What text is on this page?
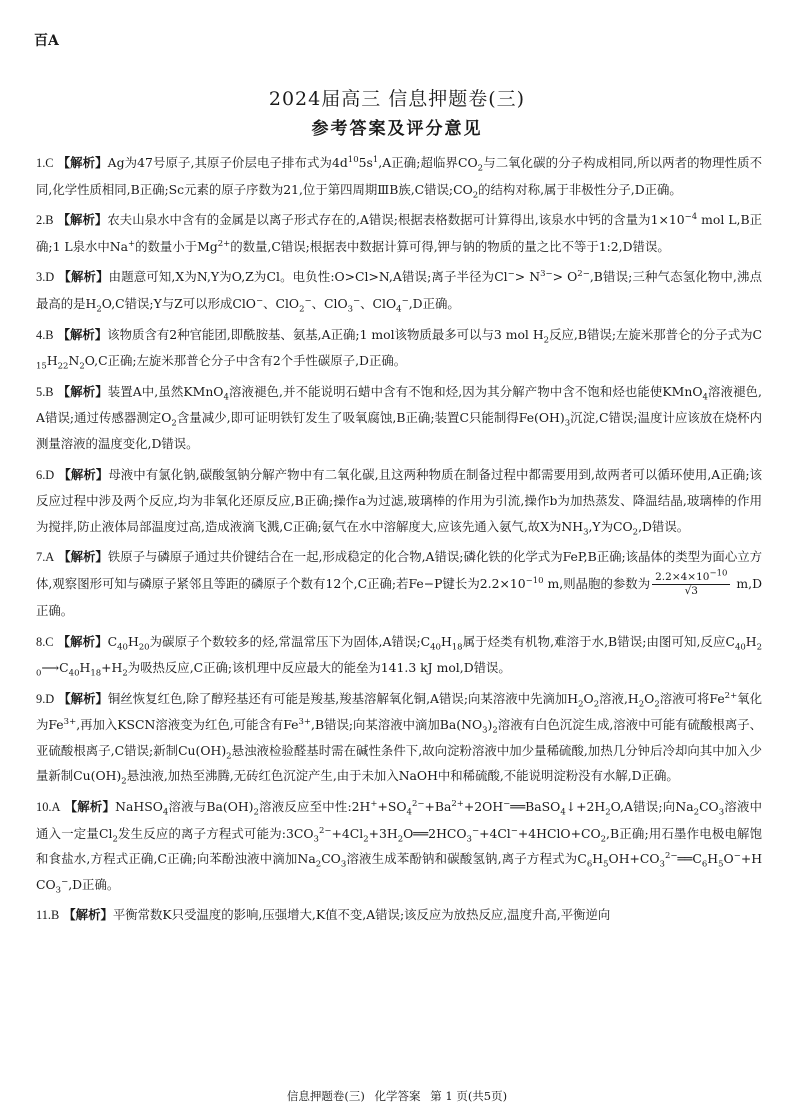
百A
2024届高三 信息押题卷(三)
参考答案及评分意见
1.C 【解析】Ag为47号原子,其原子价层电子排布式为$4d^{10}5s^1,A$正确;超临界$CO_2$与二氧化碳的分子构成相同,所以两者的物理性质不同,化学性质相同,B正确;Sc元素的原子序数为21,位于第四周期ⅢB族,C错误$;CO_2$的结构对称,属于非极性分子,D正确。
2.B 【解析】农夫山泉水中含有的金属是以离子形式存在的,A错误;根据表格数据可计算得出,该泉水中钙的含量为$1\times 10^{-4}$ mol L,B正确;1 L泉水中Na+的数量小于$Mg^{2+}$的数量,C错误;根据表中数据计算可得,钾与钠的物质的量之比不等于1:2,D错误。
3.D 【解析】由题意可知,X为N,Y为O,Z为Cl。电负性:O>Cl>N,A错误;离子半径为$Cl^-> N^{3-}> O^{2-},B$错误;三种气态氢化物中,沸点最高的是$H_2O,C$错误;Y与Z可以形成ClO−、ClO$_2$−、ClO$_3$−、ClO$_4$−,D正确。
4.B 【解析】该物质含有2种官能团,即酰胺基、氨基,A正确;1 mol该物质最多可以与3 mol $H_2$反应,B错误;左旋米那普仑的分子式为$C_{15}H_{22}N_2O,C$正确;左旋米那普仑分子中含有2个手性碳原子,D正确。
5.B 【解析】装置A中,虽然KMnO$_4$溶液褪色,并不能说明石蜡中含有不饱和烃,因为其分解产物中含不饱和烃也能使KMnO$_4$溶液褪色,A错误;通过传感器测定$O_2$含量减少,即可证明铁钉发生了吸氧腐蚀,B正确;装置C只能制得$Fe(OH)_3$沉淀,C错误;温度计应该放在烧杯内测量溶液的温度变化,D错误。
6.D 【解析】母液中有氯化钠,碳酸氢钠分解产物中有二氧化碳,且这两种物质在制备过程中都需要用到,故两者可以循环使用,A正确;该反应过程中涉及两个反应,均为非氧化还原反应,B正确;操作a为过滤,玻璃棒的作用为引流,操作b为加热蒸发、降温结晶,玻璃棒的作用为搅拌,防止液体局部温度过高,造成液滴飞溅,C正确;氨气在水中溶解度大,应该先通入氨气,故X为$NH_3,Y$为$CO_2,D$错误。
7.A 【解析】铁原子与磷原子通过共价键结合在一起,形成稳定的化合物,A错误;磷化铁的化学式为FeP,B正确;该晶体的类型为面心立方体,观察图形可知与磷原子紧邻且等距的磷原子个数有12个,C正确;若Fe−P键长为$2.2\times 10^{-10}$ m,则晶胞的参数为 $\frac{2.2\times 4\times 10^{-10}}{√3} m,D$正确。
8.C 【解析】$C_{40}H_{20}$为碳原子个数较多的烃,常温常压下为固体,A错误$;C_{40}H_{18}$属于烃类有机物,难溶于水,B错误;由图可知,反应$C_{40}H_{20}⟶C_{40}H_{18}+H_2$为吸热反应,C正确;该机理中反应最大的能垒为141.3 kJ mol,D错误。
9.D 【解析】铜丝恢复红色,除了醇羟基还有可能是羧基,羧基溶解氧化铜,A错误;向某溶液中先滴加$H_2O_2$溶液$,H_2O_2$溶液可将$Fe^{2+}$氧化为$Fe^{3+}$,再加入KSCN溶液变为红色,可能含有$Fe^{3+},B$错误;向某溶液中滴加$Ba(NO_3)_2$溶液有白色沉淀生成,溶液中可能有硫酸根离子、亚硫酸根离子,C错误;新制$Cu(OH)_2$悬浊液检验醛基时需在碱性条件下,故向淀粉溶液中加少量稀硫酸,加热几分钟后冷却向其中加入少量新制$Cu(OH)_2$悬浊液,加热至沸腾,无砖红色沉淀产生,由于未加入NaOH中和稀硫酸,不能说明淀粉没有水解,D正确。
10.A 【解析】NaHSO$_4$溶液与$Ba(OH)_2$溶液反应至中性$:2H^++SO_4^{2-}+Ba^{2+}+2OH^-══BaSO_4↓+2H_2O,A$错误;向$Na_2CO_3$溶液中通入一定量$Cl_2$发生反应的离子方程式可能为$:3CO_3^{2-}+4Cl_2+3H_2O══2HCO_3^-+4Cl^-+4HClO+CO_2,B$正确;用石墨作电极电解饱和食盐水,方程式正确,C正确;向苯酚浊液中滴加$Na_2CO_3$溶液生成苯酚钠和碳酸氢钠,离子方程式为$C_6H_5OH+CO_3^{2-}══C_6H_5O^-+HCO_3^-,D$正确。
11.B 【解析】平衡常数K只受温度的影响,压强增大,K值不变,A错误;该反应为放热反应,温度升高,平衡逆向
信息押题卷(三) 化学答案 第 1 页(共5页)
